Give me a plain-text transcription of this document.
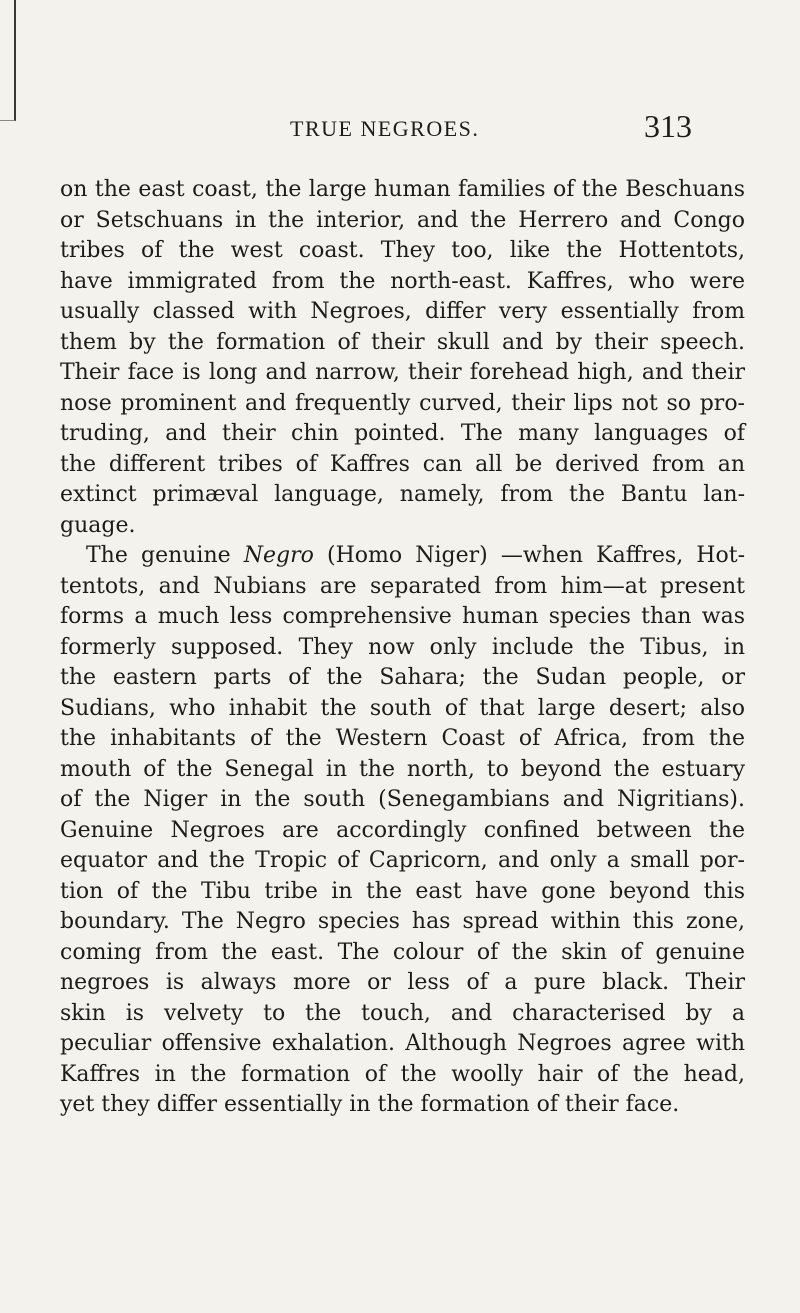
TRUE NEGROES.	313
on the east coast, the large human families of the Beschuans
or Setschuans in the interior, and the Herrero and Congo
tribes of the west coast. They too, like the Hottentots,
have immigrated from the north-east. Kaffres, who were
usually classed with Negroes, differ very essentially from
them by the formation of their skull and by their speech.
Their face is long and narrow, their forehead high, and their
nose prominent and frequently curved, their lips not so pro-
truding, and their chin pointed. The many languages of
the different tribes of Kaffres can all be derived from an
extinct primæval language, namely, from the Bantu lan-
guage.
The genuine Negro (Homo Niger) —when Kaffres, Hot-
tentots, and Nubians are separated from him—at present
forms a much less comprehensive human species than was
formerly supposed. They now only include the Tibus, in
the eastern parts of the Sahara; the Sudan people, or
Sudians, who inhabit the south of that large desert; also
the inhabitants of the Western Coast of Africa, from the
mouth of the Senegal in the north, to beyond the estuary
of the Niger in the south (Senegambians and Nigritians).
Genuine Negroes are accordingly confined between the
equator and the Tropic of Capricorn, and only a small por-
tion of the Tibu tribe in the east have gone beyond this
boundary. The Negro species has spread within this zone,
coming from the east. The colour of the skin of genuine
negroes is always more or less of a pure black. Their
skin is velvety to the touch, and characterised by a
peculiar offensive exhalation. Although Negroes agree with
Kaffres in the formation of the woolly hair of the head,
yet they differ essentially in the formation of their face.
